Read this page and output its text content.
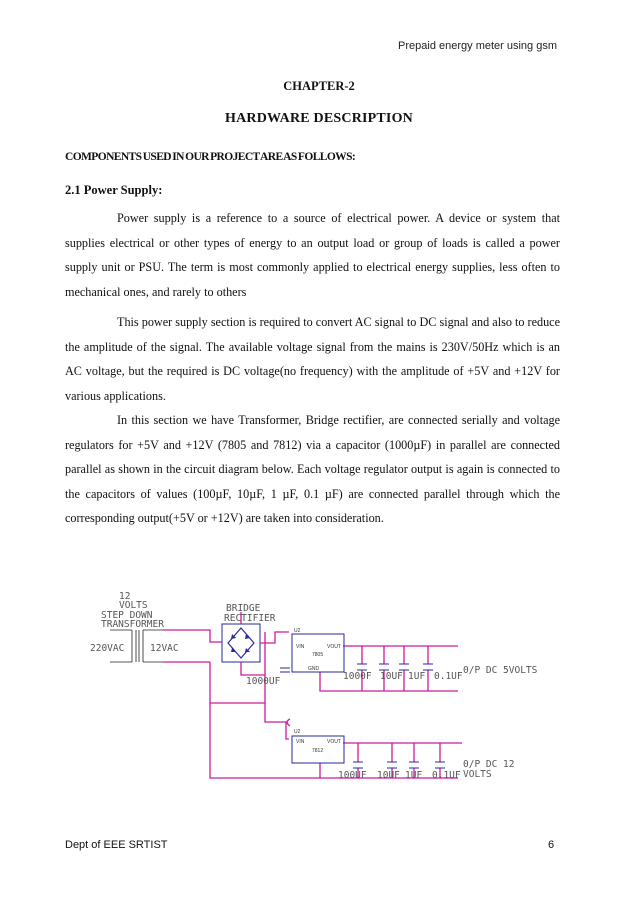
Prepaid energy meter using gsm
CHAPTER-2
HARDWARE DESCRIPTION
COMPONENTS USED IN OUR PROJECT ARE AS FOLLOWS:
2.1 Power Supply:

Power supply is a reference to a source of electrical power. A device or system that supplies electrical or other types of energy to an output load or group of loads is called a power supply unit or PSU. The term is most commonly applied to electrical energy supplies, less often to mechanical ones, and rarely to others

This power supply section is required to convert AC signal to DC signal and also to reduce the amplitude of the signal. The available voltage signal from the mains is 230V/50Hz which is an AC voltage, but the required is DC voltage(no frequency) with the amplitude of +5V and +12V for various applications.

In this section we have Transformer, Bridge rectifier, are connected serially and voltage regulators for +5V and +12V (7805 and 7812) via a capacitor (1000µF) in parallel are connected parallel as shown in the circuit diagram below. Each voltage regulator output is again is connected to the capacitors of values (100µF, 10µF, 1 µF, 0.1 µF) are connected parallel through which the corresponding output(+5V or +12V) are taken into consideration.

12
VOLTS
STEP DOWN
TRANSFORMER
220VAC	12VAC
BRIDGE
RECTIFIER
1000UF
U2
VIN	VOUT
7805
GND
U2
VIN	VOUT
7812
1000F 10UF 1UF 0.1UF
0/P DC 5VOLTS
100UF 10UF 1UF 0.1UF
0/P DC 12
VOLTS
Dept of EEE SRTIST	6
